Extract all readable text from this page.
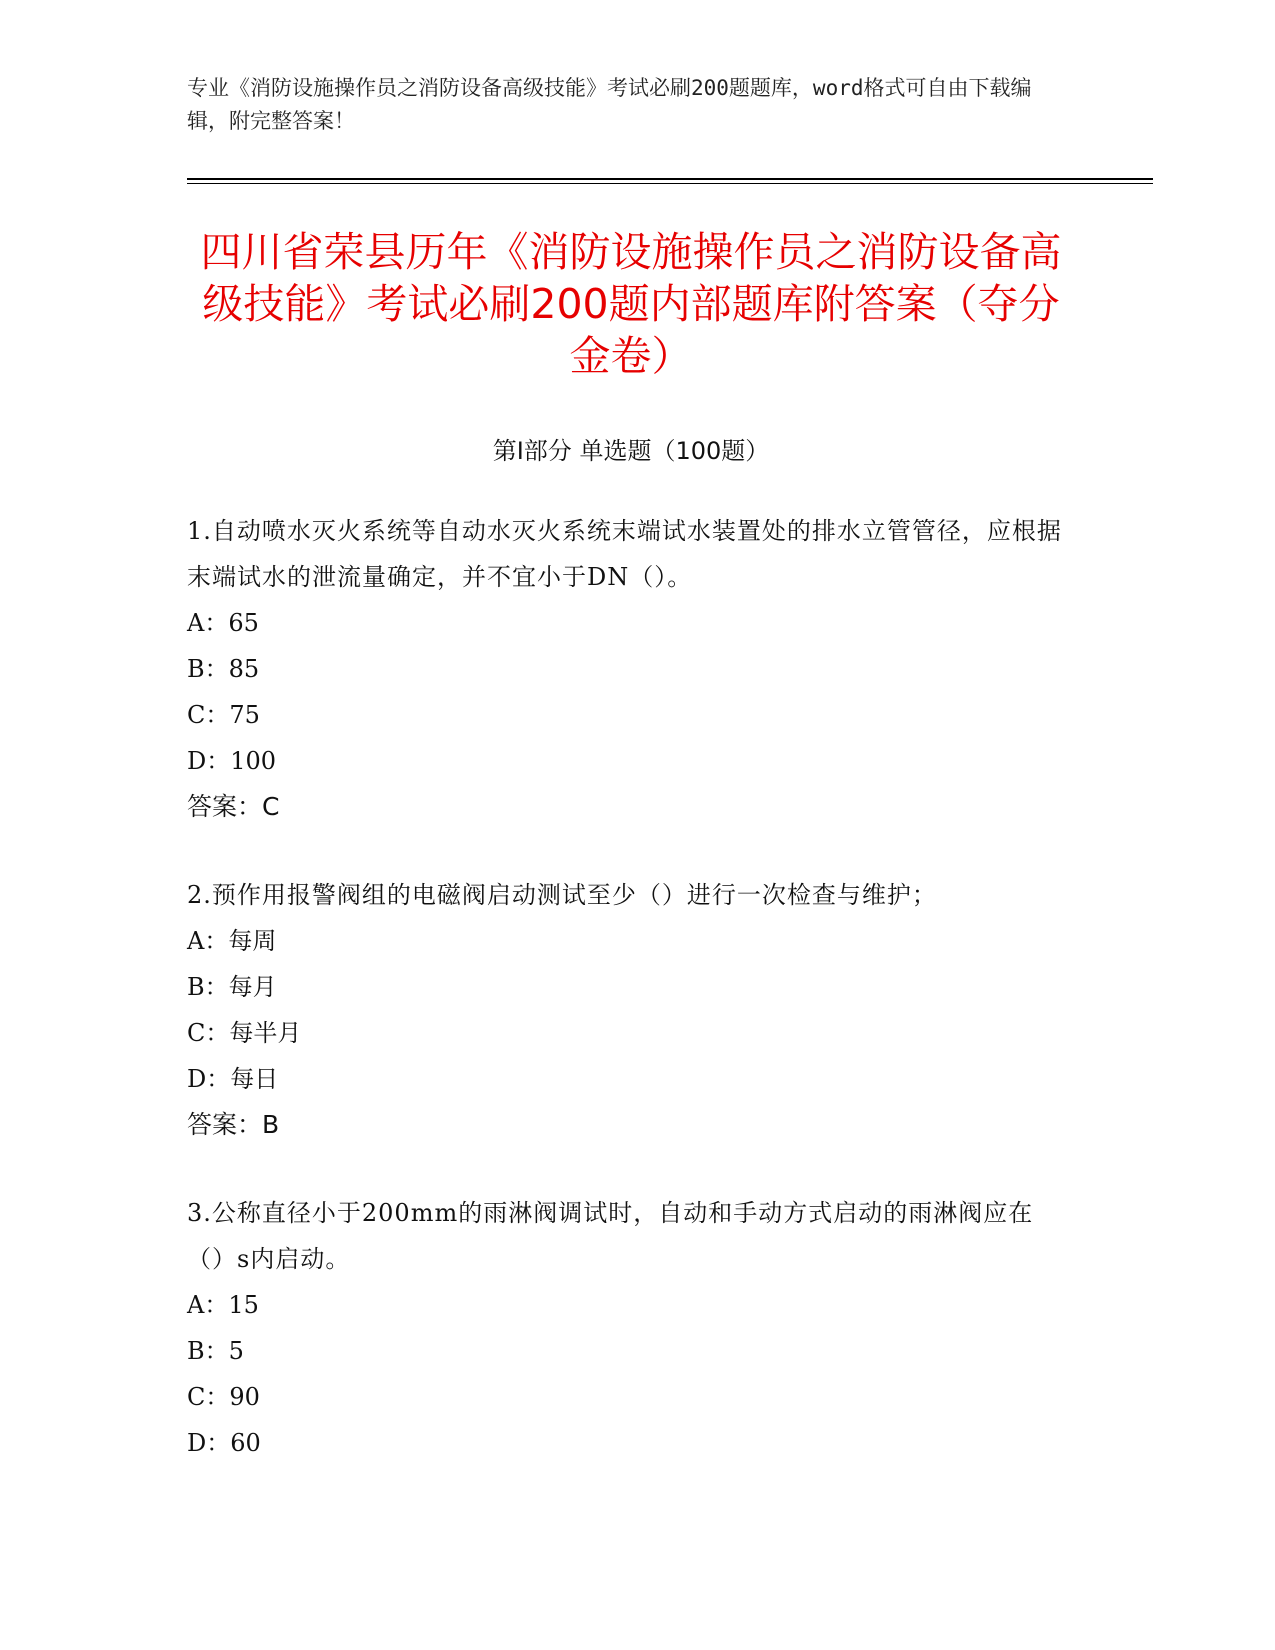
专业《消防设施操作员之消防设备高级技能》考试必刷200题题库，word格式可自由下载编辑，附完整答案！
四川省荣县历年《消防设施操作员之消防设备高级技能》考试必刷200题内部题库附答案（夺分金卷）
第I部分 单选题（100题）

1.自动喷水灭火系统等自动水灭火系统末端试水装置处的排水立管管径，应根据末端试水的泄流量确定，并不宜小于DN（）。

A：65

B：85

C：75

D：100

答案：C

2.预作用报警阀组的电磁阀启动测试至少（）进行一次检查与维护；

A：每周

B：每月

C：每半月

D：每日

答案：B

3.公称直径小于200mm的雨淋阀调试时，自动和手动方式启动的雨淋阀应在（）s内启动。

A：15

B：5

C：90

D：60
